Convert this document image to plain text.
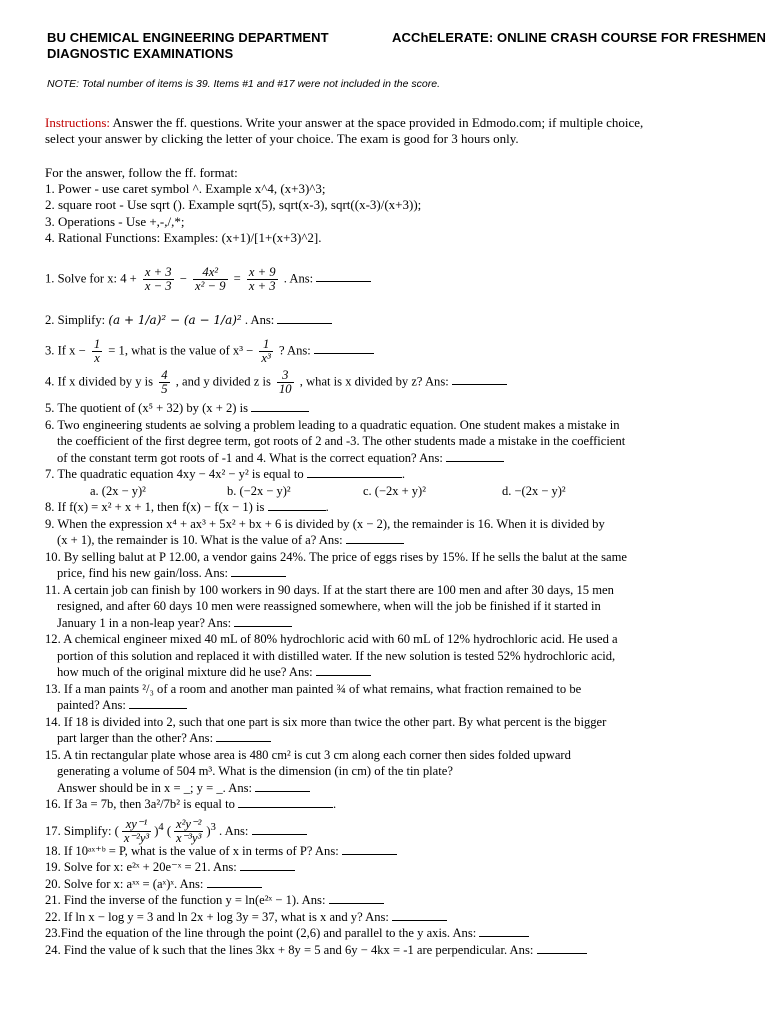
BU CHEMICAL ENGINEERING DEPARTMENT
DIAGNOSTIC EXAMINATIONS
ACChELERATE: ONLINE CRASH COURSE FOR FRESHMEN
NOTE: Total number of items is 39. Items #1 and #17 were not included in the score.
Instructions: Answer the ff. questions. Write your answer at the space provided in Edmodo.com; if multiple choice,
select your answer by clicking the letter of your choice. The exam is good for 3 hours only.
For the answer, follow the ff. format:
1. Power - use caret symbol ^. Example x^4, (x+3)^3;
2. square root - Use sqrt (). Example sqrt(5), sqrt(x-3), sqrt((x-3)/(x+3));
3. Operations - Use +,-,/,*;
4. Rational Functions: Examples: (x+1)/[1+(x+3)^2].
1. Solve for x: $4 + \frac{x + 3}{x - 3} - \frac{\text{4x²}}{\text{x² − 9}} = \frac{x + 9}{x + 3}$ . Ans:
2. Simplify: (a + 1/a)² − (a − 1/a)² . Ans:
3. If $x - \frac{1}{x} = 1$, what is the value of $x^3 - \frac{1}{\text{x³}}$ ? Ans:
4. If x divided by y is $\frac{4}{5}$ , and y divided z is $\frac{3}{10}$ , what is x divided by z? Ans:
5. The quotient of (x⁵ + 32) by (x + 2) is
6. Two engineering students ae solving a problem leading to a quadratic equation. One student makes a mistake in
the coefficient of the first degree term, got roots of 2 and -3. The other students made a mistake in the coefficient
of the constant term got roots of -1 and 4. What is the correct equation? Ans:
7. The quadratic equation 4xy − 4x² − y² is equal to	.
a. (2x − y)²	b. (−2x − y)²	c. (−2x + y)²	d. −(2x − y)²
8. If f(x) = x² + x + 1, then f(x) − f(x − 1) is	.
9. When the expression x⁴ + ax³ + 5x² + bx + 6 is divided by (x − 2), the remainder is 16. When it is divided by
(x + 1), the remainder is 10. What is the value of a? Ans:
10. By selling balut at P 12.00, a vendor gains 24%. The price of eggs rises by 15%. If he sells the balut at the same
price, find his new gain/loss. Ans:
11. A certain job can finish by 100 workers in 90 days. If at the start there are 100 men and after 30 days, 15 men
resigned, and after 60 days 10 men were reassigned somewhere, when will the job be finished if it started in
January 1 in a non-leap year? Ans:
12. A chemical engineer mixed 40 mL of 80% hydrochloric acid with 60 mL of 12% hydrochloric acid. He used a
portion of this solution and replaced it with distilled water. If the new solution is tested 52% hydrochloric acid,
how much of the original mixture did he use? Ans:
13. If a man paints ²/₃ of a room and another man painted ¾ of what remains, what fraction remained to be
painted? Ans:
14. If 18 is divided into 2, such that one part is six more than twice the other part. By what percent is the bigger
part larger than the other? Ans:
15. A tin rectangular plate whose area is 480 cm² is cut 3 cm along each corner then sides folded upward
generating a volume of 504 m³. What is the dimension (in cm) of the tin plate?
Answer should be in x = _; y = _. Ans:
16. If 3a = 7b, then 3a²/7b² is equal to	.
17. Simplify: ( $\frac{\text{xy⁻¹}}{\text{x⁻²y³}} )^4$ ( $\frac{\text{x²y⁻²}}{\text{x⁻³y³}} )^3$ . Ans:
18. If 10ᵃˣ⁺ᵇ = P, what is the value of x in terms of P? Ans:
19. Solve for x: e²ˣ + 20e⁻ˣ = 21. Ans:
20. Solve for x: aˣˣ = (aˣ)ˣ. Ans:
21. Find the inverse of the function y = ln(e²ˣ − 1). Ans:
22. If ln x − log y = 3 and ln 2x + log 3y = 37, what is x and y? Ans:
23.Find the equation of the line through the point (2,6) and parallel to the y axis. Ans:
24. Find the value of k such that the lines 3kx + 8y = 5 and 6y − 4kx = -1 are perpendicular. Ans:
